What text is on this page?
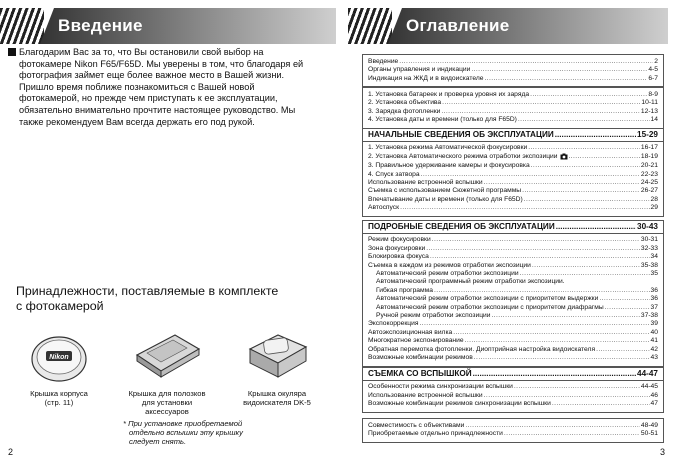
Введение
Благодарим Вас за то, что Вы остановили свой выбор на
фотокамере Nikon F65/F65D. Мы уверены в том, что благодаря ей
фотография займет еще более важное место в Вашей жизни.
Пришло время поближе познакомиться с Вашей новой
фотокамерой, но прежде чем приступать к ее эксплуатации,
обязательно внимательно прочтите настоящее руководство. Мы
также рекомендуем Вам всегда держать его под рукой.
Принадлежности, поставляемые в комплекте
с фотокамерой
Nikon
Крышка корпуса
(стр. 11)
Крышка для полозков
для установки
аксессуаров
Крышка окуляра
видоискателя DK-5
* При установке приобретаемой
отдельно вспышки эту крышку
следует снять.
2
Оглавление
Введение .....	2
Органы управления и индикации .....	4-5
Индикация на ЖКД и в видоискателе .....	6-7
1. Установка батареек и проверка уровня их заряда .....	8-9
2. Установка объектива .....	10-11
3. Зарядка фотопленки .....	12-13
4. Установка даты и времени (только для F65D) .....	14
НАЧАЛЬНЫЕ СВЕДЕНИЯ ОБ ЭКСПЛУАТАЦИИ .....	15-29
1. Установка режима Автоматической фокусировки .....	16-17
2. Установка Автоматического режима отработки экспозиции .....	18-19
3. Правильное удерживание камеры и фокусировка .....	20-21
4. Спуск затвора .....	22-23
Использование встроенной вспышки .....	24-25
Съемка с использованием Сюжетной программы .....	26-27
Впечатывание даты и времени (только для F65D) .....	28
Автоспуск .....	29
ПОДРОБНЫЕ СВЕДЕНИЯ ОБ ЭКСПЛУАТАЦИИ .....	30-43
Режим фокусировки .....	30-31
Зона фокусировки .....	32-33
Блокировка фокуса .....	34
Съемка в каждом из режимов отработки экспозиции .....	35-38
Автоматический режим отработки экспозиции .....	35
Автоматический программный режим отработки экспозиции.
Гибкая программа .....	36
Автоматический режим отработки экспозиции с приоритетом выдержки .....	36
Автоматический режим отработки экспозиции с приоритетом диафрагмы .....	37
Ручной режим отработки экспозиции .....	37-38
Экспокоррекция .....	39
Автоэкспозиционная вилка .....	40
Многократное экспонирование .....	41
Обратная перемотка фотопленки. Диоптрийная настройка видоискателя .....	42
Возможные комбинации режимов .....	43
СЪЕМКА СО ВСПЫШКОЙ .....	44-47
Особенности режима синхронизации вспышки .....	44-45
Использование встроенной вспышки .....	46
Возможные комбинации режимов синхронизации вспышки .....	47
Совместимость с объективами .....	48-49
Приобретаемые отдельно принадлежности .....	50-51
3
